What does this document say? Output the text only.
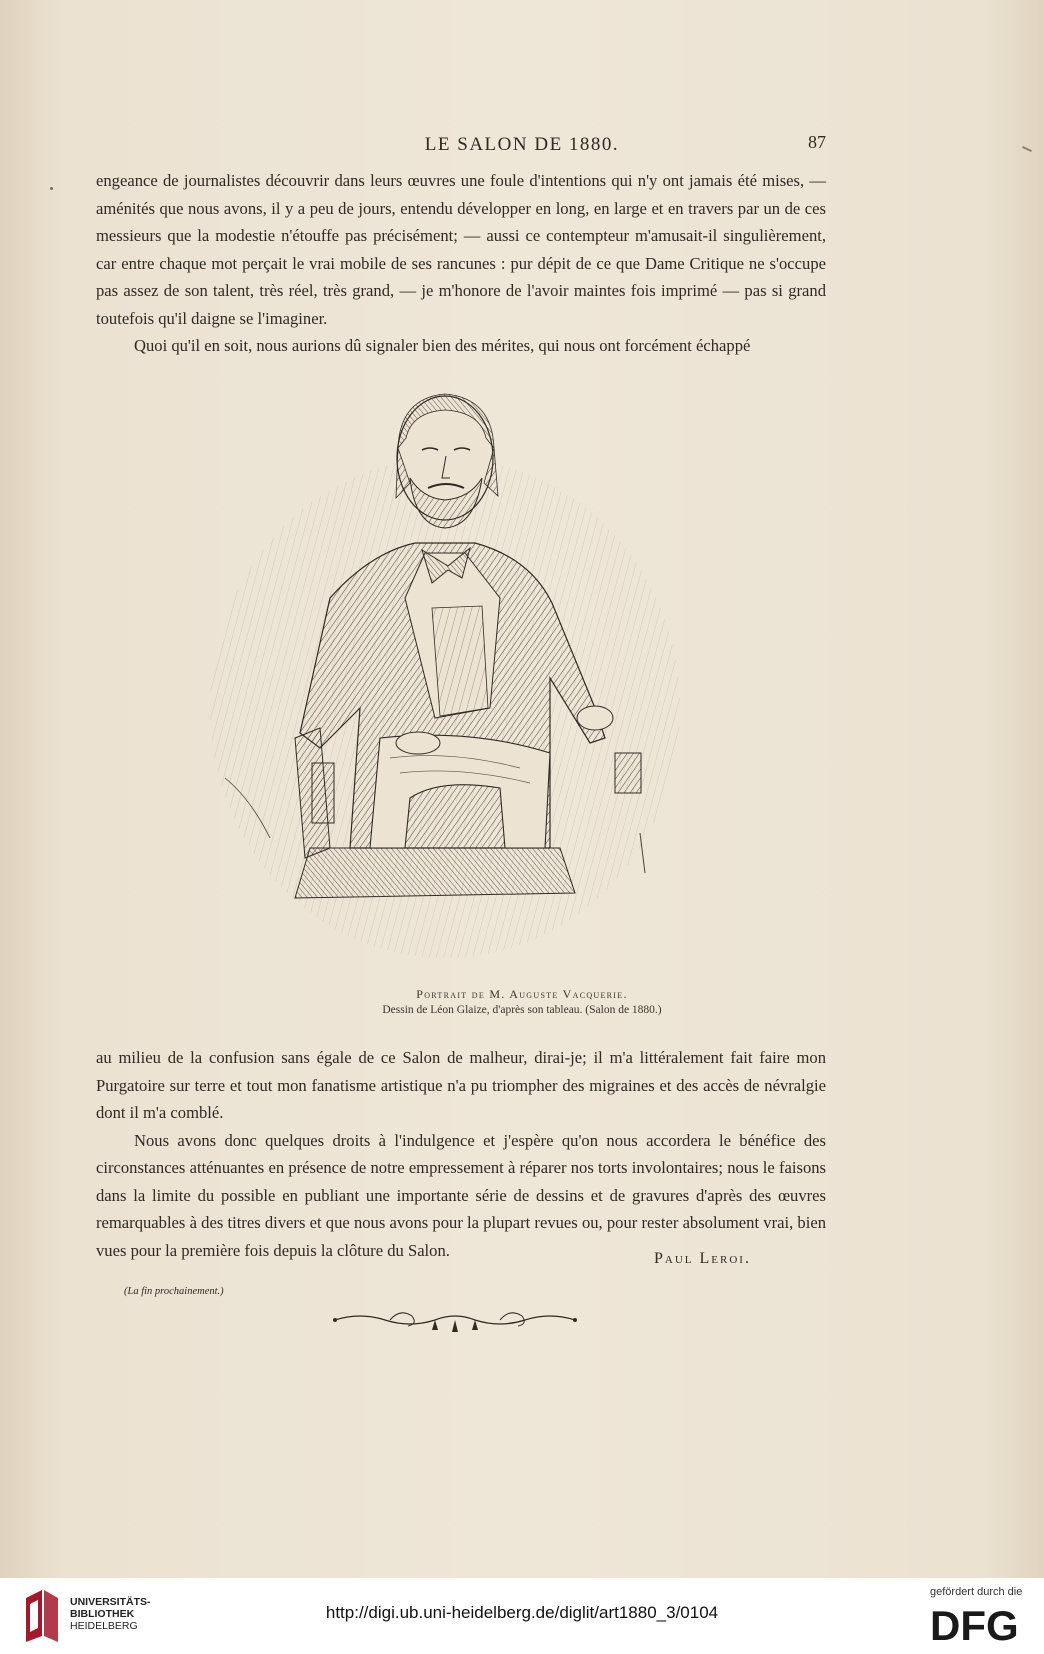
LE SALON DE 1880.	87

engeance de journalistes découvrir dans leurs œuvres une foule d'intentions qui n'y ont jamais été mises, — aménités que nous avons, il y a peu de jours, entendu développer en long, en large et en travers par un de ces messieurs que la modestie n'étouffe pas précisément; — aussi ce contempteur m'amusait-il singulièrement, car entre chaque mot perçait le vrai mobile de ses rancunes : pur dépit de ce que Dame Critique ne s'occupe pas assez de son talent, très réel, très grand, — je m'honore de l'avoir maintes fois imprimé — pas si grand toutefois qu'il daigne se l'imaginer.

Quoi qu'il en soit, nous aurions dû signaler bien des mérites, qui nous ont forcément échappé

Portrait de M. Auguste Vacquerie.
Dessin de Léon Glaize, d'après son tableau. (Salon de 1880.)

au milieu de la confusion sans égale de ce Salon de malheur, dirai-je; il m'a littéralement fait faire mon Purgatoire sur terre et tout mon fanatisme artistique n'a pu triompher des migraines et des accès de névralgie dont il m'a comblé.

Nous avons donc quelques droits à l'indulgence et j'espère qu'on nous accordera le bénéfice des circonstances atténuantes en présence de notre empressement à réparer nos torts involontaires; nous le faisons dans la limite du possible en publiant une importante série de dessins et de gravures d'après des œuvres remarquables à des titres divers et que nous avons pour la plupart revues ou, pour rester absolument vrai, bien vues pour la première fois depuis la clôture du Salon.	Paul Leroi.
(La fin prochainement.)
UNIVERSITÄTS-
BIBLIOTHEK
HEIDELBERG
http://digi.ub.uni-heidelberg.de/diglit/art1880_3/0104
gefördert durch die
DFG
